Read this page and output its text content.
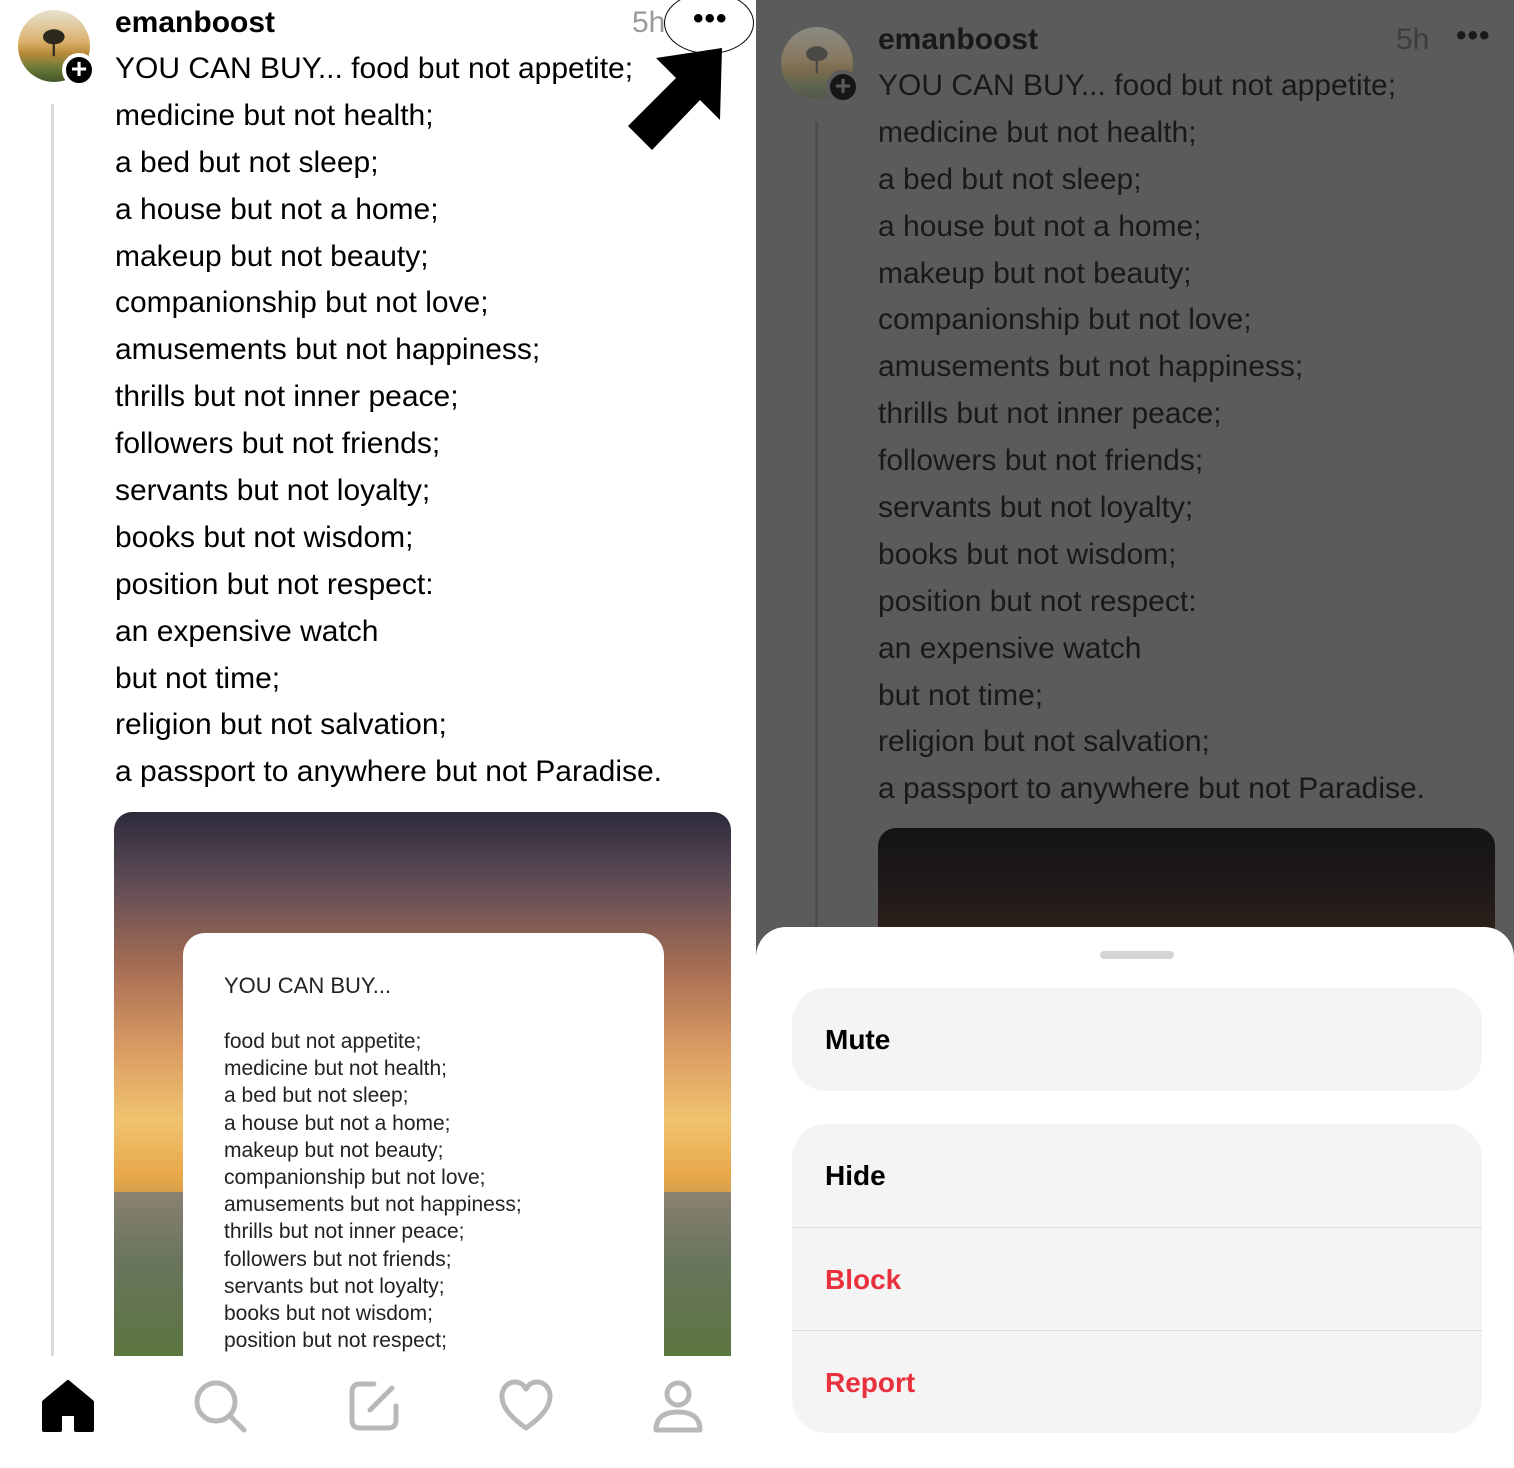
+
emanboost	5h •••
YOU CAN BUY... food but not appetite;
medicine but not health;
a bed but not sleep;
a house but not a home;
makeup but not beauty;
companionship but not love;
amusements but not happiness;
thrills but not inner peace;
followers but not friends;
servants but not loyalty;
books but not wisdom;
position but not respect:
an expensive watch
but not time;
religion but not salvation;
a passport to anywhere but not Paradise.
YOU CAN BUY...
food but not appetite;
medicine but not health;
a bed but not sleep;
a house but not a home;
makeup but not beauty;
companionship but not love;
amusements but not happiness;
thrills but not inner peace;
followers but not friends;
servants but not loyalty;
books but not wisdom;
position but not respect;
+
emanboost	5h •••
YOU CAN BUY... food but not appetite;
medicine but not health;
a bed but not sleep;
a house but not a home;
makeup but not beauty;
companionship but not love;
amusements but not happiness;
thrills but not inner peace;
followers but not friends;
servants but not loyalty;
books but not wisdom;
position but not respect:
an expensive watch
but not time;
religion but not salvation;
a passport to anywhere but not Paradise.
Mute
Hide
Block
Report
